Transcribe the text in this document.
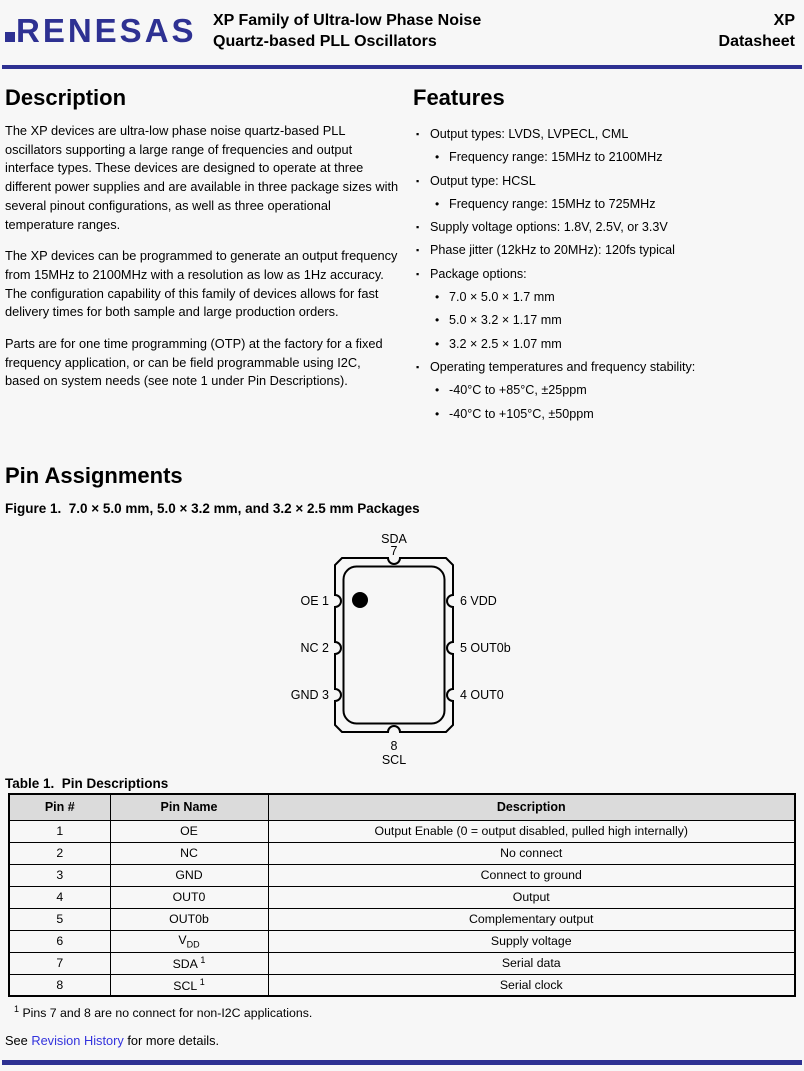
RENESAS XP Family of Ultra-low Phase Noise
Quartz-based PLL Oscillators
XP
Datasheet
Description

The XP devices are ultra-low phase noise quartz-based PLL oscillators supporting a large range of frequencies and output interface types. These devices are designed to operate at three different power supplies and are available in three package sizes with several pinout configurations, as well as three operational temperature ranges.

The XP devices can be programmed to generate an output frequency from 15MHz to 2100MHz with a resolution as low as 1Hz accuracy. The configuration capability of this family of devices allows for fast delivery times for both sample and large production orders.

Parts are for one time programming (OTP) at the factory for a fixed frequency application, or can be field programmable using I2C, based on system needs (see note 1 under Pin Descriptions).

Features
▪ Output types: LVDS, LVPECL, CML
• Frequency range: 15MHz to 2100MHz
▪ Output type: HCSL
• Frequency range: 15MHz to 725MHz
▪ Supply voltage options: 1.8V, 2.5V, or 3.3V
▪ Phase jitter (12kHz to 20MHz): 120fs typical
▪ Package options:
• 7.0 × 5.0 × 1.7 mm
• 5.0 × 3.2 × 1.17 mm
• 3.2 × 2.5 × 1.07 mm
▪ Operating temperatures and frequency stability:
• -40°C to +85°C, ±25ppm
• -40°C to +105°C, ±50ppm
Pin Assignments
Figure 1.  7.0 × 5.0 mm, 5.0 × 3.2 mm, and 3.2 × 2.5 mm Packages
SDA
7
OE 1
NC 2
GND 3
6 VDD
5 OUT0b
4 OUT0
8
SCL
Table 1.  Pin Descriptions
Pin #	Pin Name	Description
1	OE	Output Enable (0 = output disabled, pulled high internally)
2	NC	No connect
3	GND	Connect to ground
4	OUT0	Output
5	OUT0b	Complementary output
6	$V_{DD}$	Supply voltage
7	SDA $^1$	Serial data
8	SCL $^1$	Serial clock
$^1$ Pins 7 and 8 are no connect for non-I2C applications.
See Revision History for more details.
